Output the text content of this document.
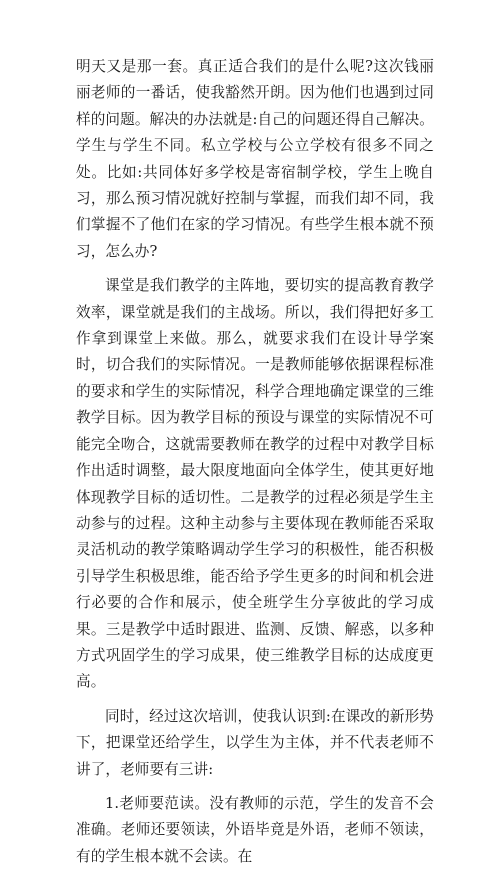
明天又是那一套。真正适合我们的是什么呢?这次钱丽丽老师的一番话，使我豁然开朗。因为他们也遇到过同样的问题。解决的办法就是:自己的问题还得自己解决。学生与学生不同。私立学校与公立学校有很多不同之处。比如:共同体好多学校是寄宿制学校，学生上晚自习，那么预习情况就好控制与掌握，而我们却不同，我们掌握不了他们在家的学习情况。有些学生根本就不预习，怎么办?

课堂是我们教学的主阵地，要切实的提高教育教学效率，课堂就是我们的主战场。所以，我们得把好多工作拿到课堂上来做。那么，就要求我们在设计导学案时，切合我们的实际情况。一是教师能够依据课程标准的要求和学生的实际情况，科学合理地确定课堂的三维教学目标。因为教学目标的预设与课堂的实际情况不可能完全吻合，这就需要教师在教学的过程中对教学目标作出适时调整，最大限度地面向全体学生，使其更好地体现教学目标的适切性。二是教学的过程必须是学生主动参与的过程。这种主动参与主要体现在教师能否采取灵活机动的教学策略调动学生学习的积极性，能否积极引导学生积极思维，能否给予学生更多的时间和机会进行必要的合作和展示，使全班学生分享彼此的学习成果。三是教学中适时跟进、监测、反馈、解惑，以多种方式巩固学生的学习成果，使三维教学目标的达成度更高。

同时，经过这次培训，使我认识到:在课改的新形势下，把课堂还给学生，以学生为主体，并不代表老师不讲了，老师要有三讲:

1.老师要范读。没有教师的示范，学生的发音不会准确。老师还要领读，外语毕竟是外语，老师不领读，有的学生根本就不会读。在
